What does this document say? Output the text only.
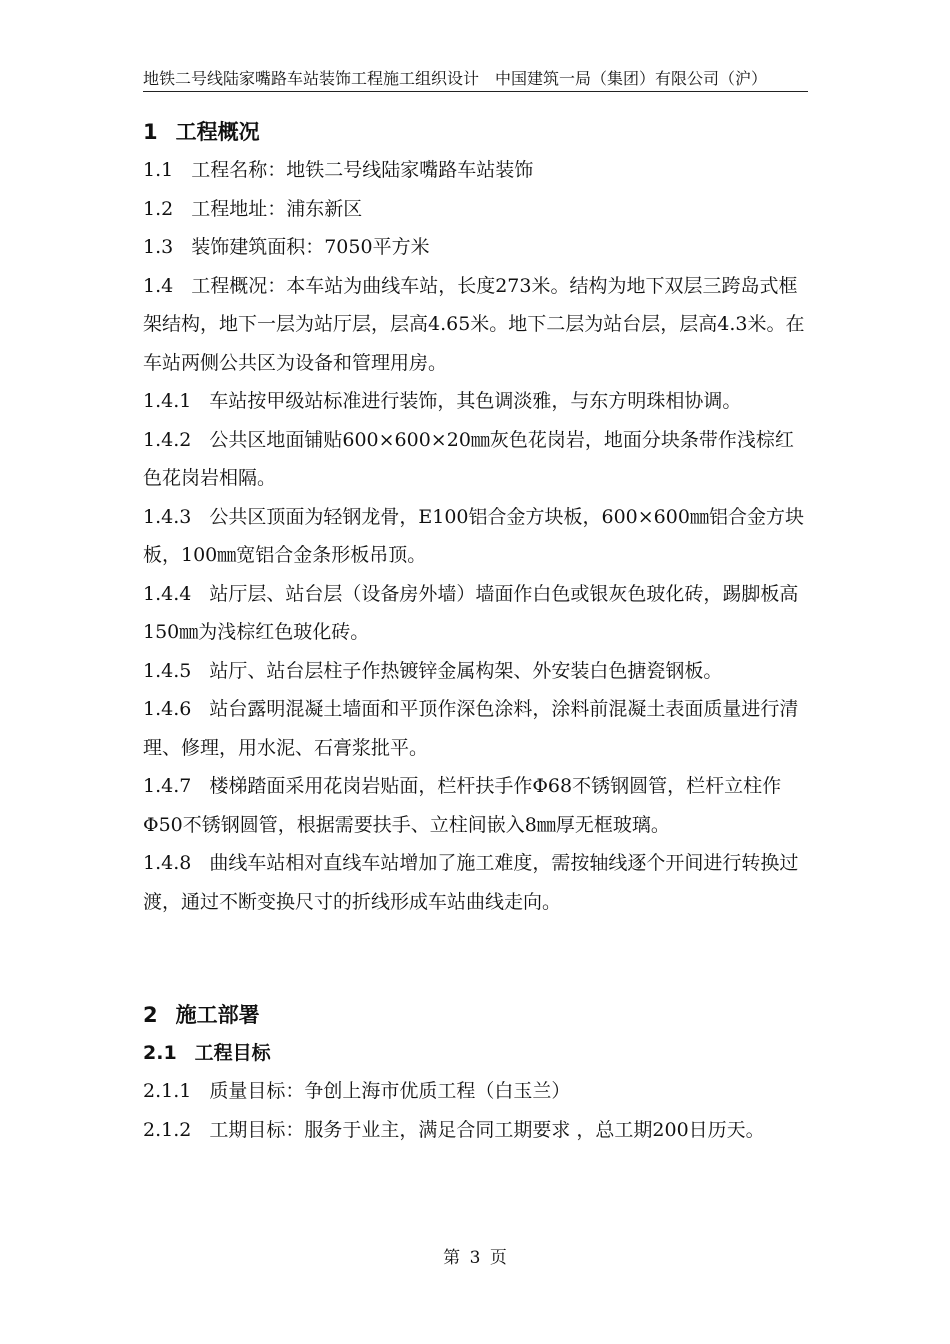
地铁二号线陆家嘴路车站装饰工程施工组织设计　中国建筑一局（集团）有限公司（沪）
1 工程概况
1.1 工程名称：地铁二号线陆家嘴路车站装饰
1.2 工程地址：浦东新区
1.3 装饰建筑面积：7050平方米
1.4 工程概况：本车站为曲线车站，长度273米。结构为地下双层三跨岛式框架结构，地下一层为站厅层，层高4.65米。地下二层为站台层，层高4.3米。在车站两侧公共区为设备和管理用房。
1.4.1 车站按甲级站标准进行装饰，其色调淡雅，与东方明珠相协调。
1.4.2 公共区地面铺贴600×600×20㎜灰色花岗岩，地面分块条带作浅棕红色花岗岩相隔。
1.4.3 公共区顶面为轻钢龙骨，E100铝合金方块板，600×600㎜铝合金方块板，100㎜宽铝合金条形板吊顶。
1.4.4 站厅层、站台层（设备房外墙）墙面作白色或银灰色玻化砖，踢脚板高150㎜为浅棕红色玻化砖。
1.4.5 站厅、站台层柱子作热镀锌金属构架、外安装白色搪瓷钢板。
1.4.6 站台露明混凝土墙面和平顶作深色涂料，涂料前混凝土表面质量进行清理、修理，用水泥、石膏浆批平。
1.4.7 楼梯踏面采用花岗岩贴面，栏杆扶手作Φ68不锈钢圆管，栏杆立柱作Φ50不锈钢圆管，根据需要扶手、立柱间嵌入8㎜厚无框玻璃。
1.4.8 曲线车站相对直线车站增加了施工难度，需按轴线逐个开间进行转换过渡，通过不断变换尺寸的折线形成车站曲线走向。
2 施工部署
2.1 工程目标
2.1.1 质量目标：争创上海市优质工程（白玉兰）
2.1.2 工期目标：服务于业主，满足合同工期要求 ，总工期200日历天。
第 3 页
